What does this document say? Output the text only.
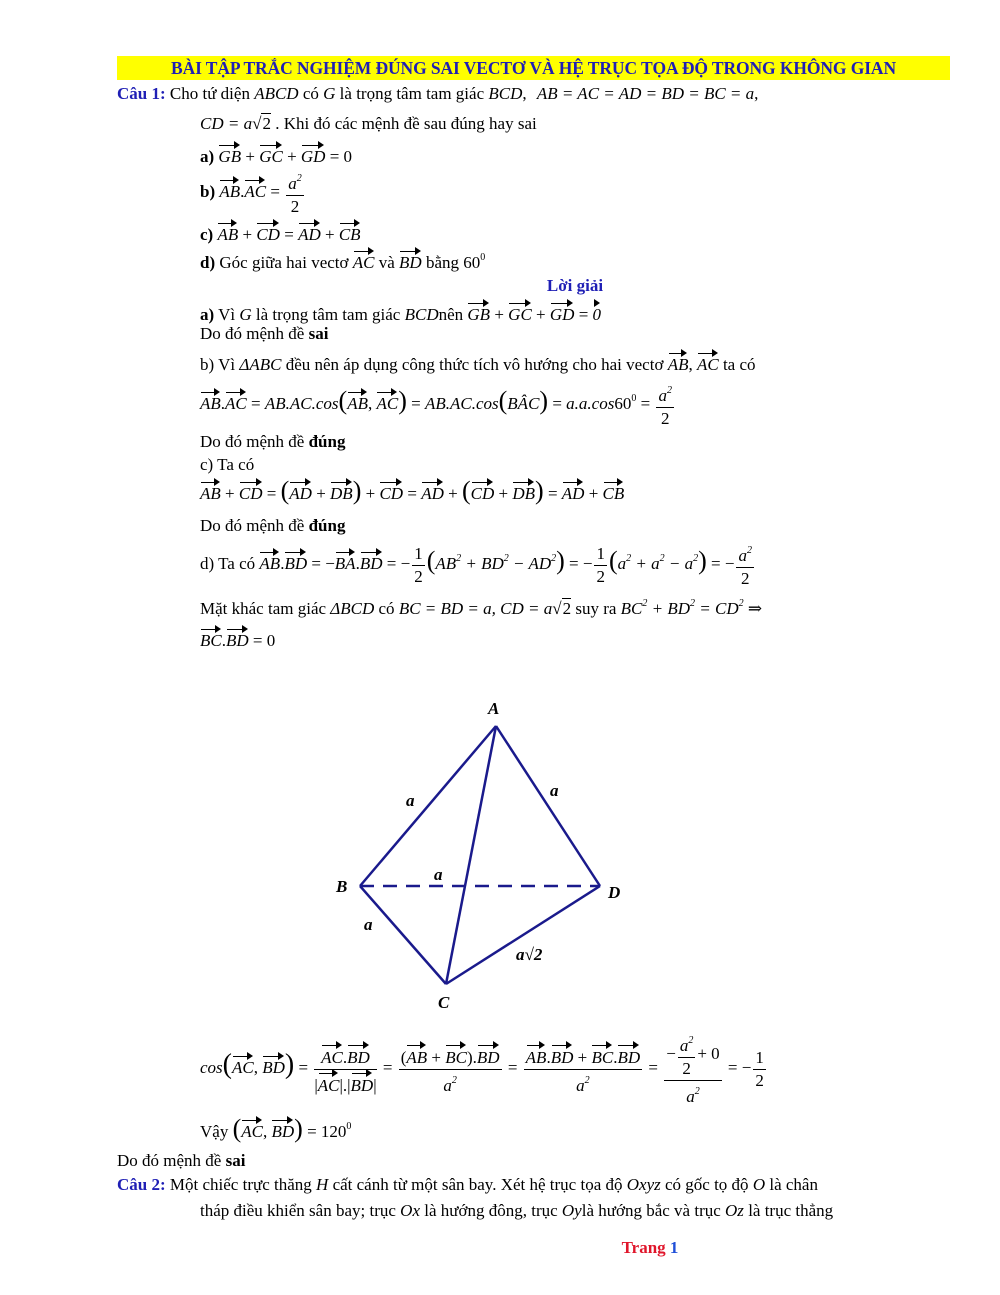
BÀI TẬP TRẮC NGHIỆM ĐÚNG SAI VECTƠ VÀ HỆ TRỤC TỌA ĐỘ TRONG KHÔNG GIAN
Câu 1: Cho tứ diện ABCD có G là trọng tâm tam giác BCD, AB = AC = AD = BD = BC = a,
CD = a√2 . Khi đó các mệnh đề sau đúng hay sai
a) GB + GC + GD = 0
b) $AB.AC = \frac{a^2}{2}$
c) AB + CD = AD + CB
d) Góc giữa hai vectơ AC và BD bằng $60^0$
Lời giải
a) Vì G là trọng tâm tam giác BCDnên GB + GC + GD = 0
Do đó mệnh đề sai
b) Vì ΔABC đều nên áp dụng công thức tích vô hướng cho hai vectơ AB, AC ta có
AB.AC = AB.AC.cos(AB, AC) = AB.AC.cos(BÂC) = $a.a.\cos 60^0 = \frac{a^2}{2}$
Do đó mệnh đề đúng
c) Ta có
AB + CD = (AD + DB) + CD = AD + (CD + DB) = AD + CB
Do đó mệnh đề đúng
d) Ta có AB.BD = −BA.BD = − $\frac{1}{2} (AB^2 + BD^2 - AD^2)$ = − $\frac{1}{2} (a^2 + a^2 - a^2)$ = − $\frac{a^2}{2}$
Mặt khác tam giác ΔBCD có BC = BD = a, CD = a√2 suy ra $BC^2 + BD^2 = CD^2$ ⇒
BC.BD = 0
A
B
C
D
a
a
a
a
a√2
cos(AC, $BD) = \frac{AC.BD}{|AC|.|BD|} = \frac{(AB + BC).BD}{a^2} = \frac{AB.BD + BC.BD}{a^2} = \frac{- \frac{a^2}{2} + 0}{a^2}$ = − $\frac{1}{2}$
Vậy (AC, $BD) = 120^0$
Do đó mệnh đề sai
Câu 2: Một chiếc trực thăng H cất cánh từ một sân bay. Xét hệ trục tọa độ Oxyz có gốc tọ độ O là chân
tháp điều khiển sân bay; trục Ox là hướng đông, trục Oylà hướng bắc và trục Oz là trục thẳng
Trang 1
